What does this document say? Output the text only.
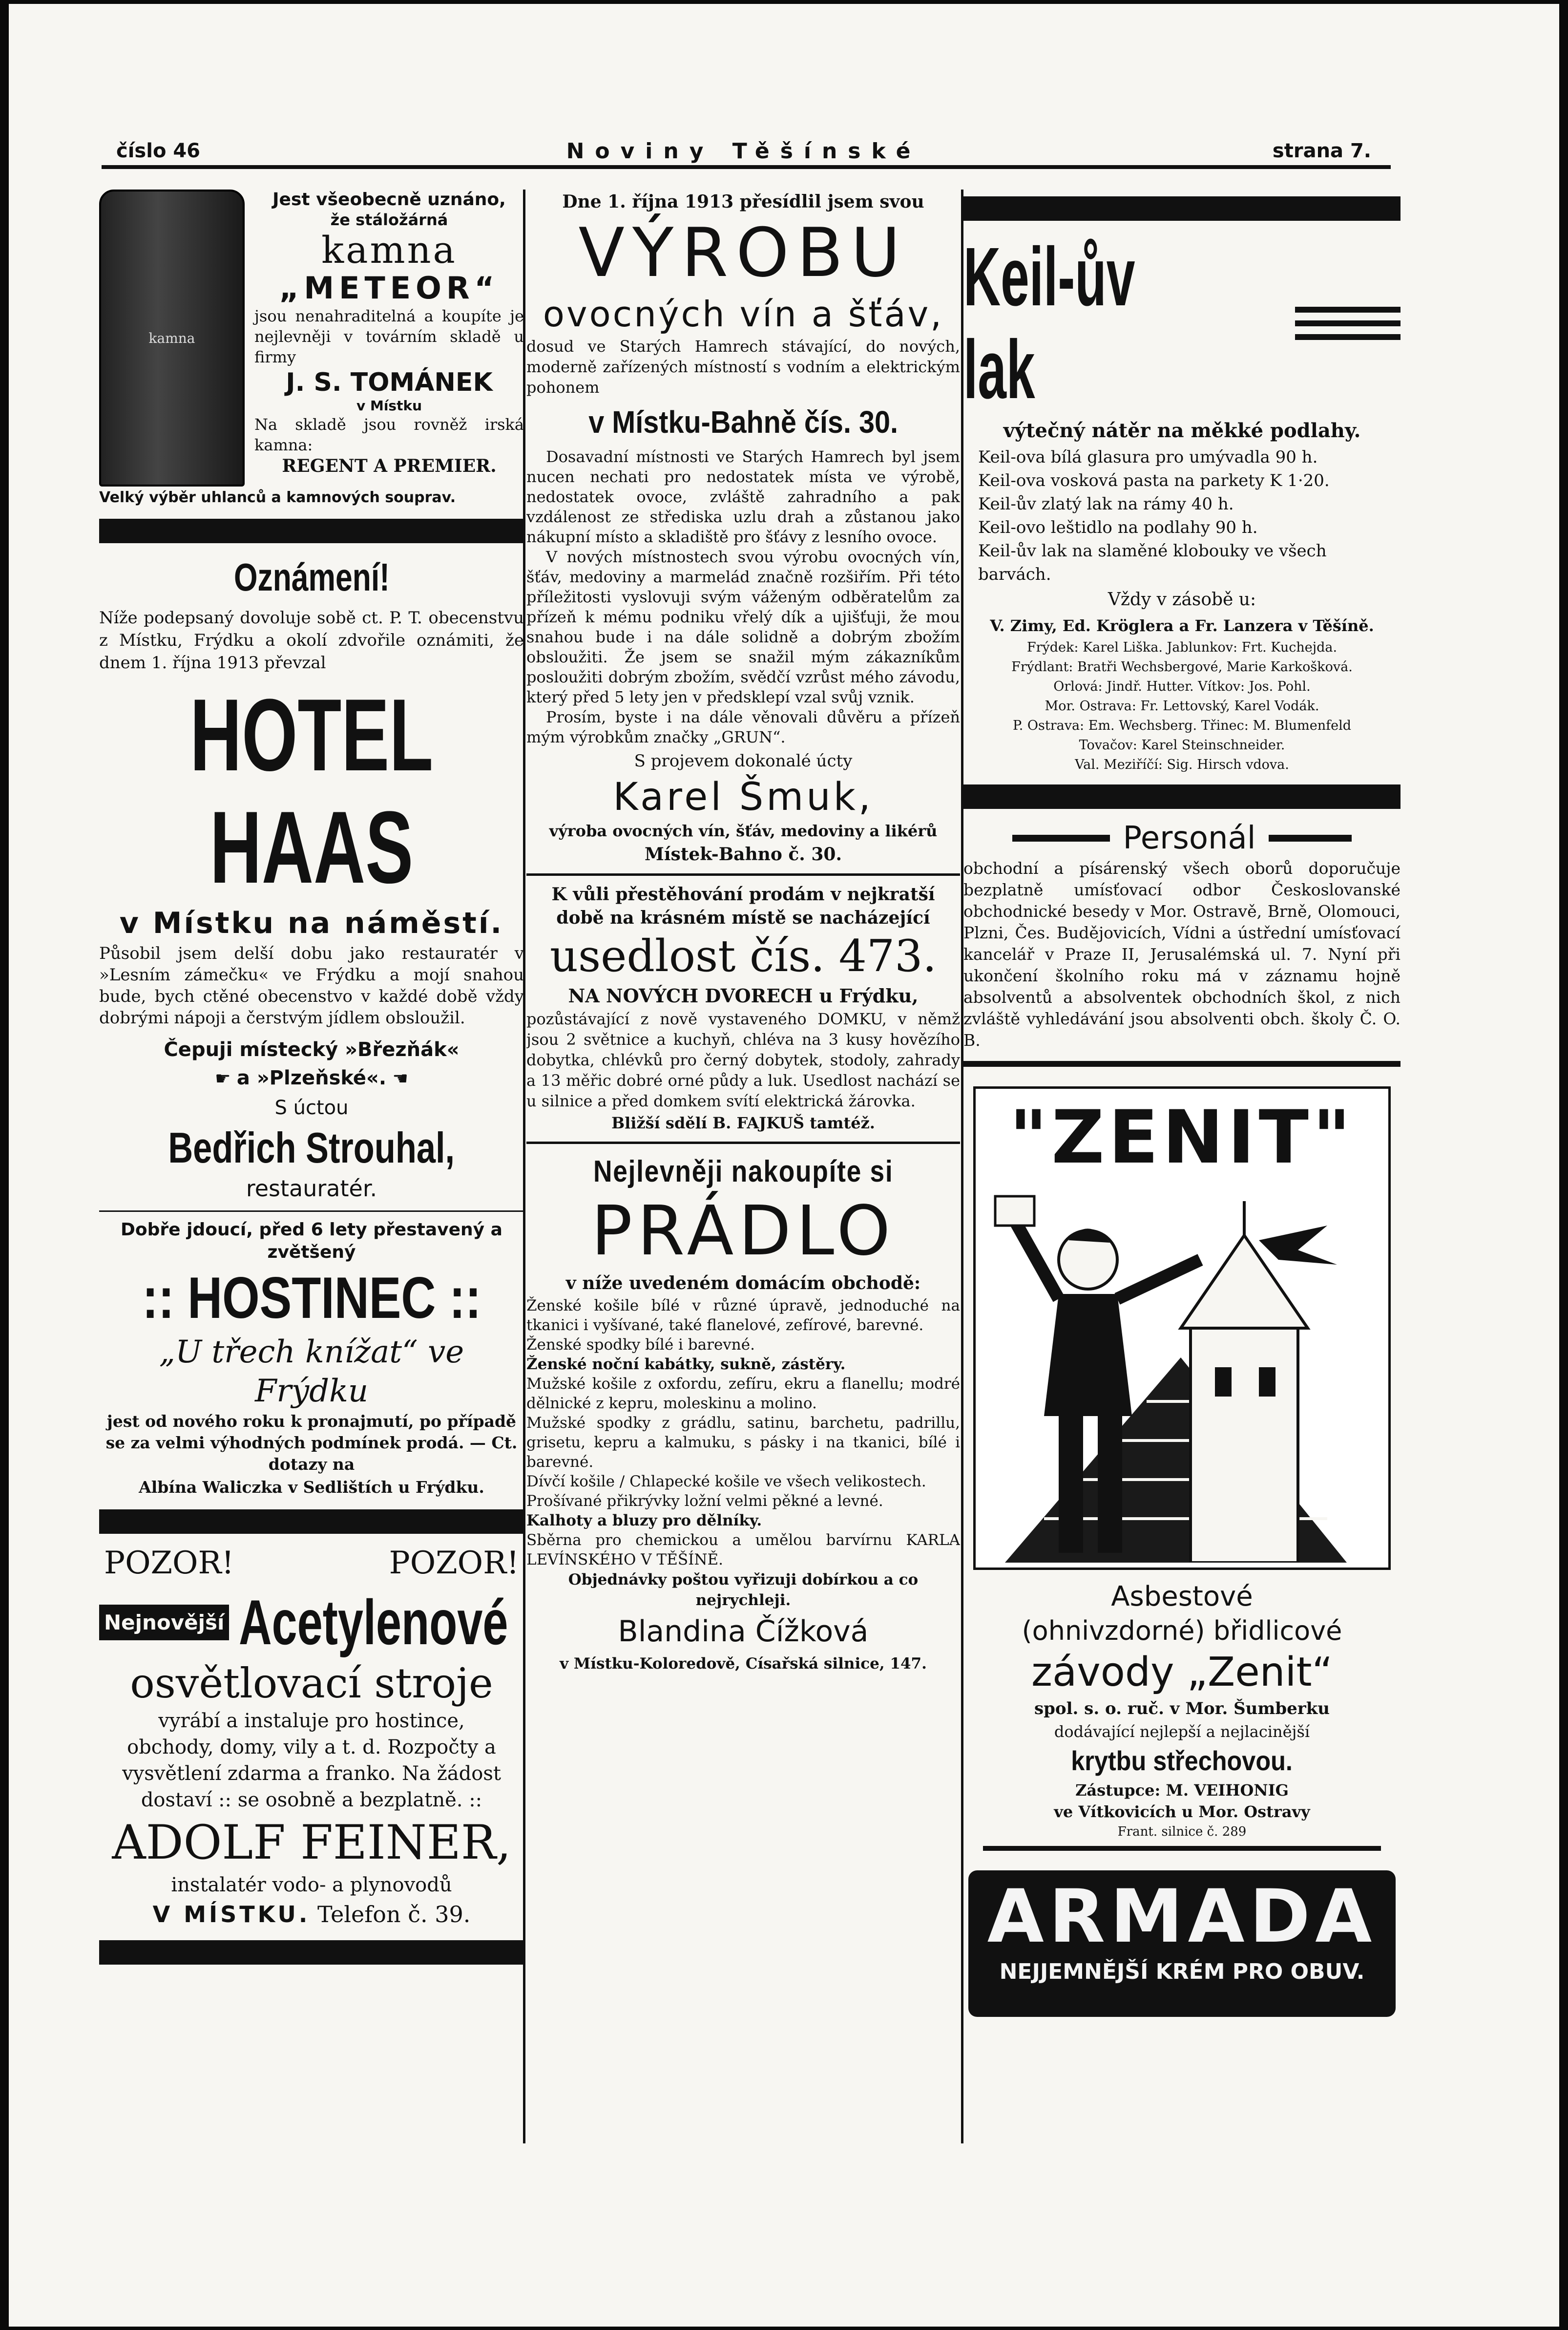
číslo 46	Noviny Těšínské	strana 7.
kamna

Jest všeobecně uznáno,

že stáložárná

kamna

„METEOR“

jsou nenahraditelná a koupíte je nejlevněji v továrním skladě u firmy

J. S. TOMÁNEK

v Místku

Na skladě jsou rovněž irská kamna:

REGENT A PREMIER.

Velký výběr uhlanců a kamnových souprav.

Oznámení!

Níže podepsaný dovoluje sobě ct. P. T. obecenstvu z Místku, Frýdku a okolí zdvořile oznámiti, že dnem 1. října 1913 převzal

HOTEL HAAS

v Místku na náměstí.

Působil jsem delší dobu jako restauratér v »Lesním zámečku« ve Frýdku a mojí snahou bude, bych ctěné obecenstvo v každé době vždy dobrými nápoji a čerstvým jídlem obsloužil.

Čepuji místecký »Březňák«

☛ a »Plzeňské«. ☚

S úctou

Bedřich Strouhal,

restauratér.

Dobře jdoucí, před 6 lety přestavený a zvětšený

:: HOSTINEC ::

„U třech knížat“ ve Frýdku

jest od nového roku k pronajmutí, po případě se za velmi výhodných podmínek prodá. — Ct. dotazy na

Albína Waliczka v Sedlištích u Frýdku.

POZOR!	POZOR!
Nejnovější Acetylenové

osvětlovací stroje

vyrábí a instaluje pro hostince, obchody, domy, vily a t. d. Rozpočty a vysvětlení zdarma a franko. Na žádost dostaví :: se osobně a bezplatně. ::

ADOLF FEINER,

instalatér vodo- a plynovodů

V MÍSTKU. Telefon č. 39.

Dne 1. října 1913 přesídlil jsem svou

VÝROBU

ovocných vín a šťáv,

dosud ve Starých Hamrech stávající, do nových, moderně zařízených místností s vodním a elektrickým pohonem

v Místku-Bahně čís. 30.

Dosavadní místnosti ve Starých Hamrech byl jsem nucen nechati pro nedostatek místa ve výrobě, nedostatek ovoce, zvláště zahradního a pak vzdálenost ze střediska uzlu drah a zůstanou jako nákupní místo a skladiště pro šťávy z lesního ovoce.

V nových místnostech svou výrobu ovocných vín, šťáv, medoviny a marmelád značně rozšiřím. Při této příležitosti vyslovuji svým váženým odběratelům za přízeň k mému podniku vřelý dík a ujišťuji, že mou snahou bude i na dále solidně a dobrým zbožím obsloužiti. Že jsem se snažil mým zákazníkům posloužiti dobrým zbožím, svědčí vzrůst mého závodu, který před 5 lety jen v předsklepí vzal svůj vznik.

Prosím, byste i na dále věnovali důvěru a přízeň mým výrobkům značky „GRUN“.

S projevem dokonalé úcty

Karel Šmuk,

výroba ovocných vín, šťáv, medoviny a likérů

Místek-Bahno č. 30.

K vůli přestěhování prodám v nejkratší době na krásném místě se nacházející

usedlost čís. 473.

NA NOVÝCH DVORECH u Frýdku,

pozůstávající z nově vystaveného DOMKU, v němž jsou 2 světnice a kuchyň, chléva na 3 kusy hovězího dobytka, chlévků pro černý dobytek, stodoly, zahrady a 13 měřic dobré orné půdy a luk. Usedlost nachází se u silnice a před domkem svítí elektrická žárovka.

Bližší sdělí B. FAJKUŠ tamtéž.

Nejlevněji nakoupíte si

PRÁDLO

v níže uvedeném domácím obchodě:

Ženské košile bílé v různé úpravě, jednoduché na tkanici i vyšívané, také flanelové, zefírové, barevné.

Ženské spodky bílé i barevné.

Ženské noční kabátky, sukně, zástěry.

Mužské košile z oxfordu, zefíru, ekru a flanellu; modré dělnické z kepru, moleskinu a molino.

Mužské spodky z grádlu, satinu, barchetu, padrillu, grisetu, kepru a kalmuku, s pásky i na tkanici, bílé i barevné.

Dívčí košile / Chlapecké košile ve všech velikostech.

Prošívané přikrývky ložní velmi pěkné a levné.

Kalhoty a bluzy pro dělníky.

Sběrna pro chemickou a umělou barvírnu KARLA LEVÍNSKÉHO V TĚŠÍNĚ.

Objednávky poštou vyřizuji dobírkou a co nejrychleji.

Blandina Čížková

v Místku-Koloredově, Císařská silnice, 147.

Keil-ův lak

výtečný nátěr na měkké podlahy.

Keil-ova bílá glasura pro umývadla 90 h.

Keil-ova vosková pasta na parkety K 1·20.

Keil-ův zlatý lak na rámy 40 h.

Keil-ovo leštidlo na podlahy 90 h.

Keil-ův lak na slaměné klobouky ve všech barvách.

Vždy v zásobě u:

V. Zimy, Ed. Kröglera a Fr. Lanzera v Těšíně.

Frýdek: Karel Liška. Jablunkov: Frt. Kuchejda.

Frýdlant: Bratři Wechsbergové, Marie Karkošková.

Orlová: Jindř. Hutter. Vítkov: Jos. Pohl.

Mor. Ostrava: Fr. Lettovský, Karel Vodák.

P. Ostrava: Em. Wechsberg. Třinec: M. Blumenfeld

Tovačov: Karel Steinschneider.

Val. Meziříčí: Sig. Hirsch vdova.

Personál

obchodní a písárenský všech oborů doporučuje bezplatně umísťovací odbor Českoslovanské obchodnické besedy v Mor. Ostravě, Brně, Olomouci, Plzni, Čes. Budějovicích, Vídni a ústřední umísťovací kancelář v Praze II, Jerusalémská ul. 7. Nyní při ukončení školního roku má v záznamu hojně absolventů a absolventek obchodních škol, z nich zvláště vyhledávání jsou absolventi obch. školy Č. O. B.

"ZENIT"

Asbestové

(ohnivzdorné) břidlicové

závody „Zenit“

spol. s. o. ruč. v Mor. Šumberku

dodávající nejlepší a nejlacinější

krytbu střechovou.

Zástupce: M. VEIHONIG

ve Vítkovicích u Mor. Ostravy

Frant. silnice č. 289

ARMADA

NEJJEMNĚJŠÍ KRÉM PRO OBUV.
